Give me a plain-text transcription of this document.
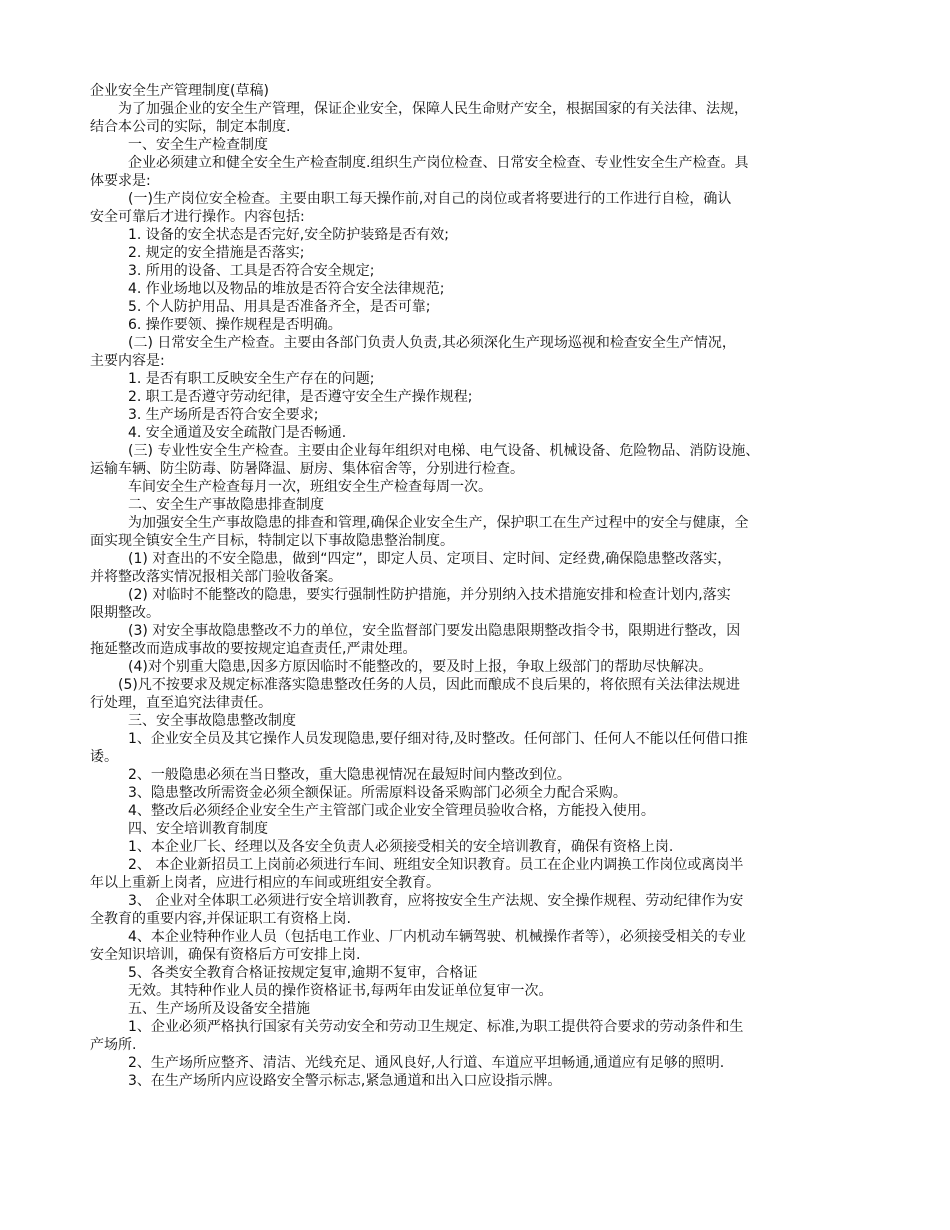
企业安全生产管理制度(草稿)
为了加强企业的安全生产管理，保证企业安全，保障人民生命财产安全，根据国家的有关法律、法规，
结合本公司的实际，制定本制度.
一、安全生产检查制度
企业必须建立和健全安全生产检查制度.组织生产岗位检查、日常安全检查、专业性安全生产检查。具
体要求是:
(一)生产岗位安全检查。主要由职工每天操作前,对自己的岗位或者将要进行的工作进行自检，确认
安全可靠后才进行操作。内容包括:
1. 设备的安全状态是否完好,安全防护装臵是否有效;
2. 规定的安全措施是否落实;
3. 所用的设备、工具是否符合安全规定;
4. 作业场地以及物品的堆放是否符合安全法律规范;
5. 个人防护用品、用具是否准备齐全，是否可靠;
6. 操作要领、操作规程是否明确。
(二) 日常安全生产检查。主要由各部门负责人负责,其必须深化生产现场巡视和检查安全生产情况，
主要内容是:
1. 是否有职工反映安全生产存在的问题;
2. 职工是否遵守劳动纪律，是否遵守安全生产操作规程;
3. 生产场所是否符合安全要求;
4. 安全通道及安全疏散门是否畅通.
(三) 专业性安全生产检查。主要由企业每年组织对电梯、电气设备、机械设备、危险物品、消防设施、
运输车辆、防尘防毒、防暑降温、厨房、集体宿舍等，分别进行检查。
车间安全生产检查每月一次，班组安全生产检查每周一次。
二、安全生产事故隐患排查制度
为加强安全生产事故隐患的排查和管理,确保企业安全生产，保护职工在生产过程中的安全与健康，全
面实现全镇安全生产目标，特制定以下事故隐患整治制度。
(1) 对查出的不安全隐患，做到“四定”，即定人员、定项目、定时间、定经费,确保隐患整改落实，
并将整改落实情况报相关部门验收备案。
(2) 对临时不能整改的隐患，要实行强制性防护措施，并分别纳入技术措施安排和检查计划内,落实
限期整改。
(3) 对安全事故隐患整改不力的单位，安全监督部门要发出隐患限期整改指令书，限期进行整改，因
拖延整改而造成事故的要按规定追查责任,严肃处理。
(4)对个别重大隐患,因多方原因临时不能整改的，要及时上报，争取上级部门的帮助尽快解决。
(5)凡不按要求及规定标准落实隐患整改任务的人员，因此而酿成不良后果的，将依照有关法律法规进
行处理，直至追究法律责任。
三、安全事故隐患整改制度
1、企业安全员及其它操作人员发现隐患,要仔细对待,及时整改。任何部门、任何人不能以任何借口推
诿。
2、一般隐患必须在当日整改，重大隐患视情况在最短时间内整改到位。
3、隐患整改所需资金必须全额保证。所需原料设备采购部门必须全力配合采购。
4、整改后必须经企业安全生产主管部门或企业安全管理员验收合格，方能投入使用。
四、安全培训教育制度
1、本企业厂长、经理以及各安全负责人必须接受相关的安全培训教育，确保有资格上岗.
2、 本企业新招员工上岗前必须进行车间、班组安全知识教育。员工在企业内调换工作岗位或离岗半
年以上重新上岗者，应进行相应的车间或班组安全教育。
3、 企业对全体职工必须进行安全培训教育，应将按安全生产法规、安全操作规程、劳动纪律作为安
全教育的重要内容,并保证职工有资格上岗.
4、本企业特种作业人员（包括电工作业、厂内机动车辆驾驶、机械操作者等），必须接受相关的专业
安全知识培训，确保有资格后方可安排上岗.
5、各类安全教育合格证按规定复审,逾期不复审，合格证
无效。其特种作业人员的操作资格证书,每两年由发证单位复审一次。
五、生产场所及设备安全措施
1、企业必须严格执行国家有关劳动安全和劳动卫生规定、标准,为职工提供符合要求的劳动条件和生
产场所.
2、生产场所应整齐、清洁、光线充足、通风良好,人行道、车道应平坦畅通,通道应有足够的照明.
3、在生产场所内应设路安全警示标志,紧急通道和出入口应设指示牌。
